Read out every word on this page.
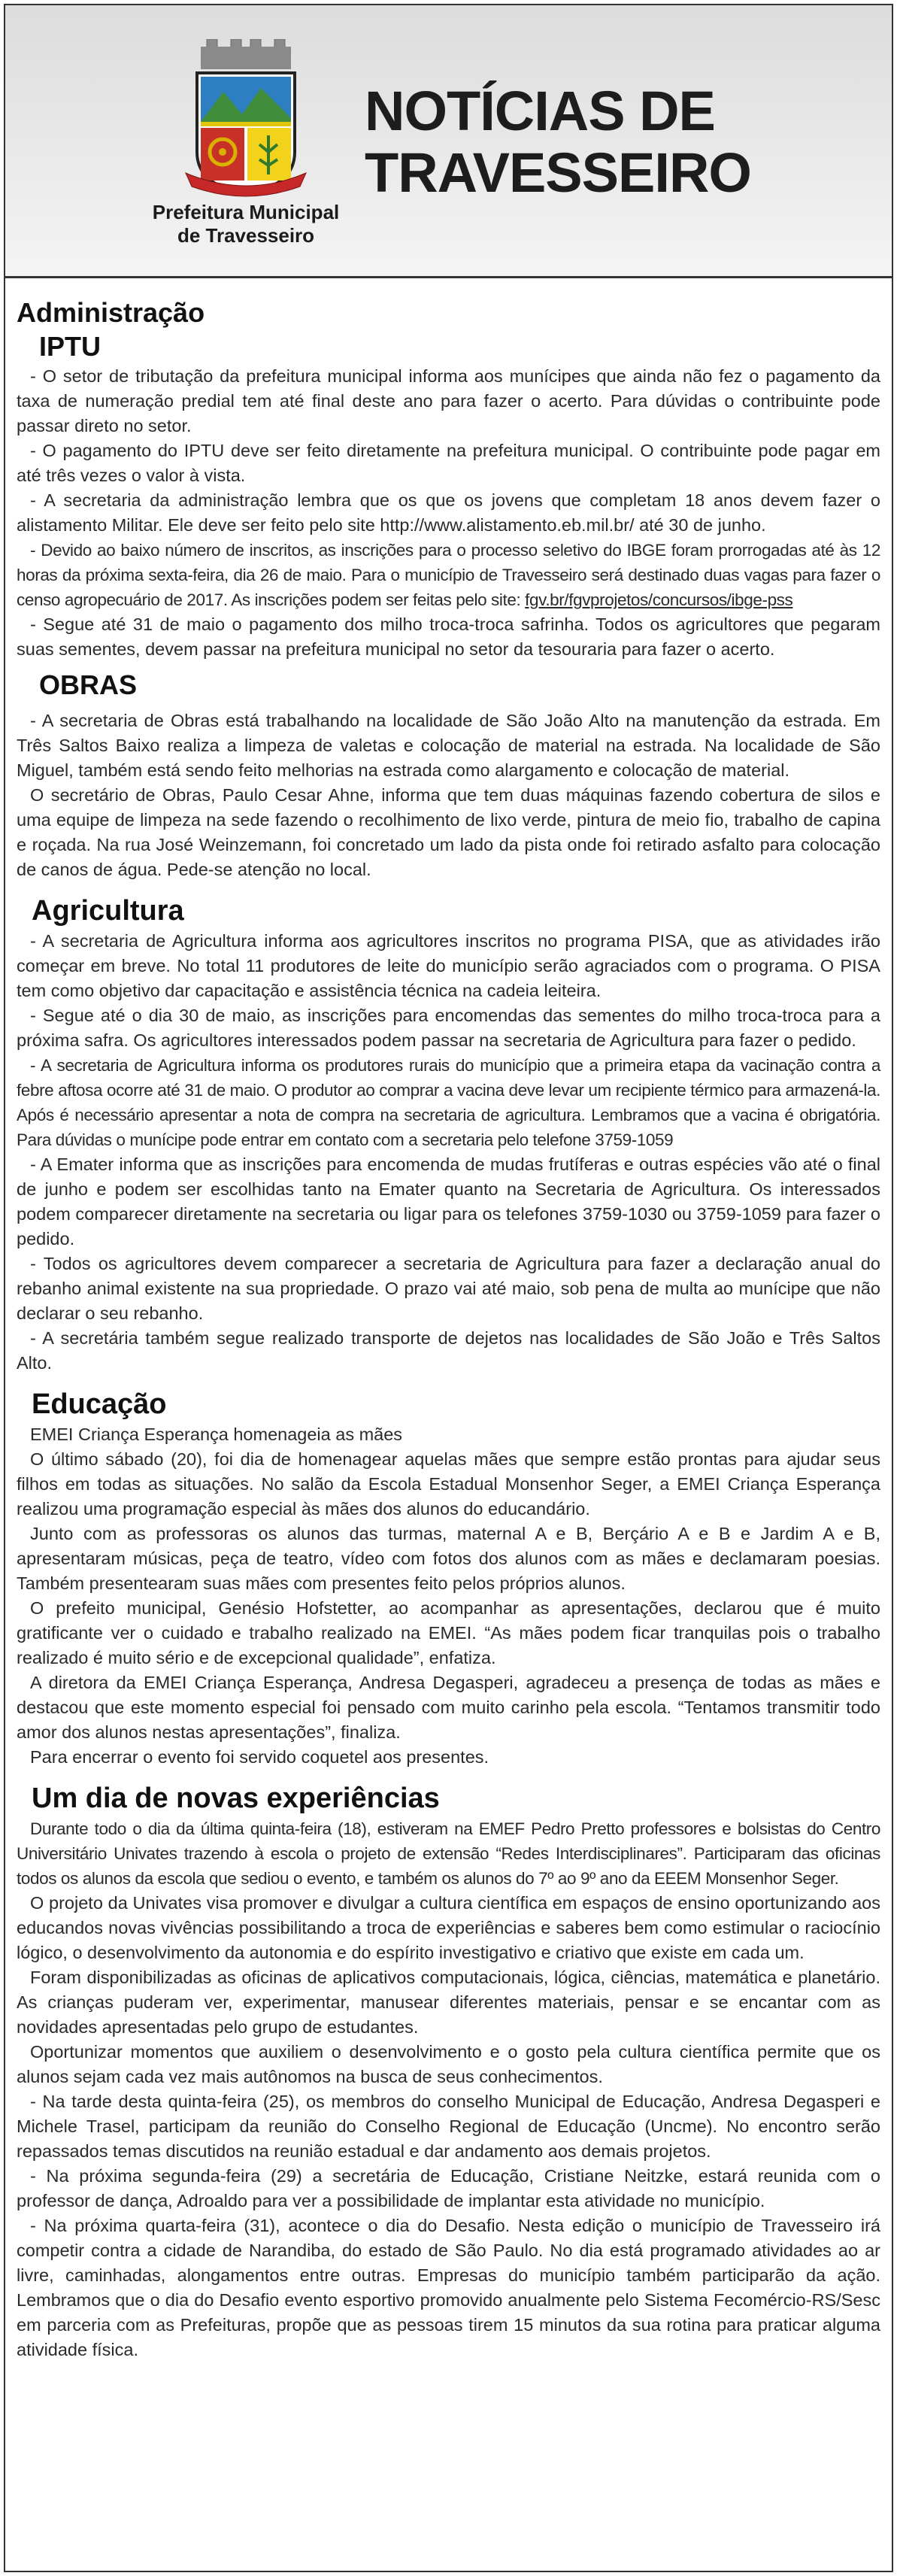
Prefeitura Municipal
de Travesseiro
NOTÍCIAS DE
TRAVESSEIRO
Administração
IPTU

- O setor de tributação da prefeitura municipal informa aos munícipes que ainda não fez o pagamento da taxa de numeração predial tem até final deste ano para fazer o acerto. Para dúvidas o contribuinte pode passar direto no setor.

- O pagamento do IPTU deve ser feito diretamente na prefeitura municipal. O contribuinte pode pagar em até três vezes o valor à vista.

- A secretaria da administração lembra que os que os jovens que completam 18 anos devem fazer o alistamento Militar. Ele deve ser feito pelo site http://www.alistamento.eb.mil.br/ até 30 de junho.

- Devido ao baixo número de inscritos, as inscrições para o processo seletivo do IBGE foram prorrogadas até às 12 horas da próxima sexta-feira, dia 26 de maio. Para o município de Travesseiro será destinado duas vagas para fazer o censo agropecuário de 2017. As inscrições podem ser feitas pelo site: fgv.br/fgvprojetos/concursos/ibge-pss

- Segue até 31 de maio o pagamento dos milho troca-troca safrinha. Todos os agricultores que pegaram suas sementes, devem passar na prefeitura municipal no setor da tesouraria para fazer o acerto.

OBRAS

- A secretaria de Obras está trabalhando na localidade de São João Alto na manutenção da estrada. Em Três Saltos Baixo realiza a limpeza de valetas e colocação de material na estrada. Na localidade de São Miguel, também está sendo feito melhorias na estrada como alargamento e colocação de material.

O secretário de Obras, Paulo Cesar Ahne, informa que tem duas máquinas fazendo cobertura de silos e uma equipe de limpeza na sede fazendo o recolhimento de lixo verde, pintura de meio fio, trabalho de capina e roçada. Na rua José Weinzemann, foi concretado um lado da pista onde foi retirado asfalto para colocação de canos de água. Pede-se atenção no local.

Agricultura

- A secretaria de Agricultura informa aos agricultores inscritos no programa PISA, que as atividades irão começar em breve. No total 11 produtores de leite do município serão agraciados com o programa. O PISA tem como objetivo dar capacitação e assistência técnica na cadeia leiteira.

- Segue até o dia 30 de maio, as inscrições para encomendas das sementes do milho troca-troca para a próxima safra. Os agricultores interessados podem passar na secretaria de Agricultura para fazer o pedido.

- A secretaria de Agricultura informa os produtores rurais do município que a primeira etapa da vacinação contra a febre aftosa ocorre até 31 de maio. O produtor ao comprar a vacina deve levar um recipiente térmico para armazená-la. Após é necessário apresentar a nota de compra na secretaria de agricultura. Lembramos que a vacina é obrigatória. Para dúvidas o munícipe pode entrar em contato com a secretaria pelo telefone 3759-1059

- A Emater informa que as inscrições para encomenda de mudas frutíferas e outras espécies vão até o final de junho e podem ser escolhidas tanto na Emater quanto na Secretaria de Agricultura. Os interessados podem comparecer diretamente na secretaria ou ligar para os telefones 3759-1030 ou 3759-1059 para fazer o pedido.

- Todos os agricultores devem comparecer a secretaria de Agricultura para fazer a declaração anual do rebanho animal existente na sua propriedade. O prazo vai até maio, sob pena de multa ao munícipe que não declarar o seu rebanho.

- A secretária também segue realizado transporte de dejetos nas localidades de São João e Três Saltos Alto.

Educação

EMEI Criança Esperança homenageia as mães

O último sábado (20), foi dia de homenagear aquelas mães que sempre estão prontas para ajudar seus filhos em todas as situações. No salão da Escola Estadual Monsenhor Seger, a EMEI Criança Esperança realizou uma programação especial às mães dos alunos do educandário.

Junto com as professoras os alunos das turmas, maternal A e B, Berçário A e B e Jardim A e B, apresentaram músicas, peça de teatro, vídeo com fotos dos alunos com as mães e declamaram poesias. Também presentearam suas mães com presentes feito pelos próprios alunos.

O prefeito municipal, Genésio Hofstetter, ao acompanhar as apresentações, declarou que é muito gratificante ver o cuidado e trabalho realizado na EMEI. “As mães podem ficar tranquilas pois o trabalho realizado é muito sério e de excepcional qualidade”, enfatiza.

A diretora da EMEI Criança Esperança, Andresa Degasperi, agradeceu a presença de todas as mães e destacou que este momento especial foi pensado com muito carinho pela escola. “Tentamos transmitir todo amor dos alunos nestas apresentações”, finaliza.

Para encerrar o evento foi servido coquetel aos presentes.

Um dia de novas experiências

Durante todo o dia da última quinta-feira (18), estiveram na EMEF Pedro Pretto professores e bolsistas do Centro Universitário Univates trazendo à escola o projeto de extensão “Redes Interdisciplinares”. Participaram das oficinas todos os alunos da escola que sediou o evento, e também os alunos do 7º ao 9º ano da EEEM Monsenhor Seger.

O projeto da Univates visa promover e divulgar a cultura científica em espaços de ensino oportunizando aos educandos novas vivências possibilitando a troca de experiências e saberes bem como estimular o raciocínio lógico, o desenvolvimento da autonomia e do espírito investigativo e criativo que existe em cada um.

Foram disponibilizadas as oficinas de aplicativos computacionais, lógica, ciências, matemática e planetário. As crianças puderam ver, experimentar, manusear diferentes materiais, pensar e se encantar com as novidades apresentadas pelo grupo de estudantes.

Oportunizar momentos que auxiliem o desenvolvimento e o gosto pela cultura científica permite que os alunos sejam cada vez mais autônomos na busca de seus conhecimentos.

- Na tarde desta quinta-feira (25), os membros do conselho Municipal de Educação, Andresa Degasperi e Michele Trasel, participam da reunião do Conselho Regional de Educação (Uncme). No encontro serão repassados temas discutidos na reunião estadual e dar andamento aos demais projetos.

- Na próxima segunda-feira (29) a secretária de Educação, Cristiane Neitzke, estará reunida com o professor de dança, Adroaldo para ver a possibilidade de implantar esta atividade no município.

- Na próxima quarta-feira (31), acontece o dia do Desafio. Nesta edição o município de Travesseiro irá competir contra a cidade de Narandiba, do estado de São Paulo. No dia está programado atividades ao ar livre, caminhadas, alongamentos entre outras. Empresas do município também participarão da ação. Lembramos que o dia do Desafio evento esportivo promovido anualmente pelo Sistema Fecomércio-RS/Sesc em parceria com as Prefeituras, propõe que as pessoas tirem 15 minutos da sua rotina para praticar alguma atividade física.
